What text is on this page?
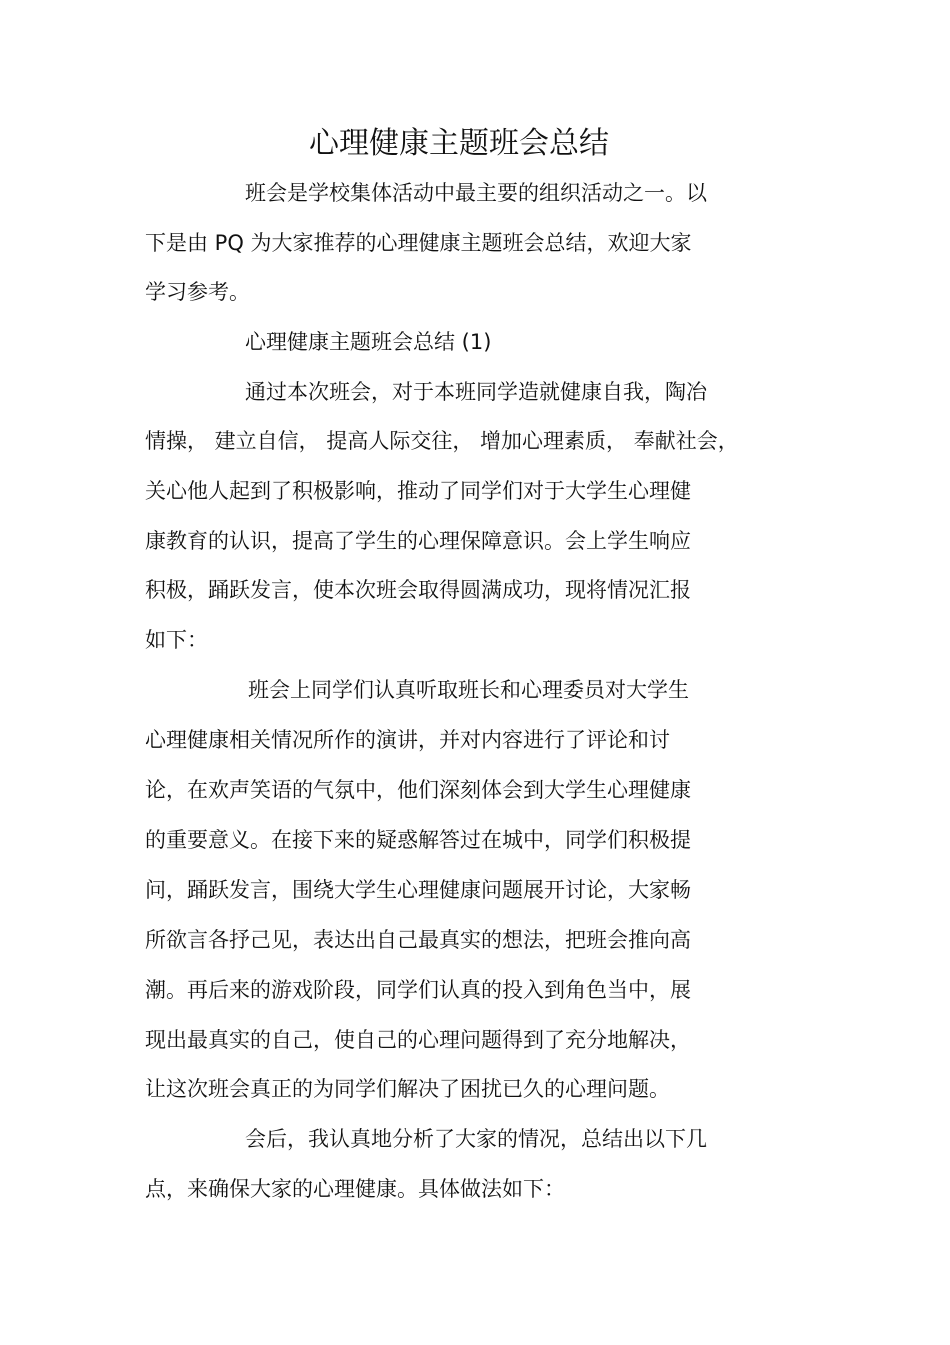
心理健康主题班会总结

班会是学校集体活动中最主要的组织活动之一。以

下是由 PQ 为大家推荐的心理健康主题班会总结，欢迎大家

学习参考。

心理健康主题班会总结 (1)

通过本次班会，对于本班同学造就健康自我，陶冶

情操， 建立自信， 提高人际交往， 增加心理素质， 奉献社会，

关心他人起到了积极影响，推动了同学们对于大学生心理健

康教育的认识，提高了学生的心理保障意识。会上学生响应

积极，踊跃发言，使本次班会取得圆满成功，现将情况汇报

如下：

班会上同学们认真听取班长和心理委员对大学生

心理健康相关情况所作的演讲，并对内容进行了评论和讨

论，在欢声笑语的气氛中，他们深刻体会到大学生心理健康

的重要意义。在接下来的疑惑解答过在城中，同学们积极提

问，踊跃发言，围绕大学生心理健康问题展开讨论，大家畅

所欲言各抒己见，表达出自己最真实的想法，把班会推向高

潮。再后来的游戏阶段，同学们认真的投入到角色当中，展

现出最真实的自己，使自己的心理问题得到了充分地解决，

让这次班会真正的为同学们解决了困扰已久的心理问题。

会后，我认真地分析了大家的情况，总结出以下几

点，来确保大家的心理健康。具体做法如下：
